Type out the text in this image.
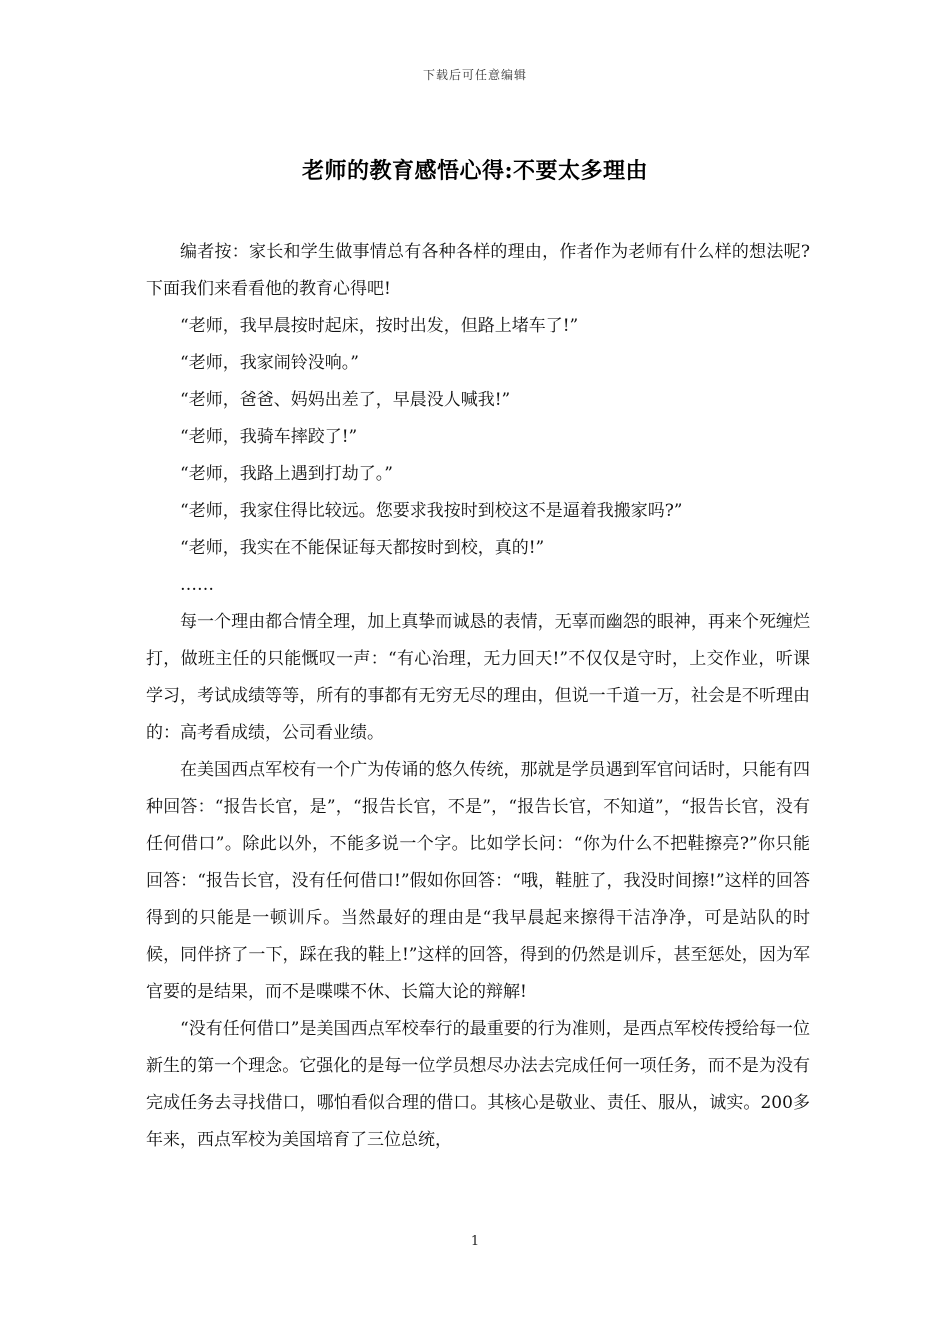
下载后可任意编辑
老师的教育感悟心得:不要太多理由

编者按：家长和学生做事情总有各种各样的理由，作者作为老师有什么样的想法呢?下面我们来看看他的教育心得吧!

“老师，我早晨按时起床，按时出发，但路上堵车了!”

“老师，我家闹铃没响。”

“老师，爸爸、妈妈出差了，早晨没人喊我!”

“老师，我骑车摔跤了!”

“老师，我路上遇到打劫了。”

“老师，我家住得比较远。您要求我按时到校这不是逼着我搬家吗?”

“老师，我实在不能保证每天都按时到校，真的!”

……

每一个理由都合情全理，加上真挚而诚恳的表情，无辜而幽怨的眼神，再来个死缠烂打，做班主任的只能慨叹一声：“有心治理，无力回天!”不仅仅是守时，上交作业，听课学习，考试成绩等等，所有的事都有无穷无尽的理由，但说一千道一万，社会是不听理由的：高考看成绩，公司看业绩。

在美国西点军校有一个广为传诵的悠久传统，那就是学员遇到军官问话时，只能有四种回答：“报告长官，是”，“报告长官，不是”，“报告长官，不知道”，“报告长官，没有任何借口”。除此以外，不能多说一个字。比如学长问：“你为什么不把鞋擦亮?”你只能回答：“报告长官，没有任何借口!”假如你回答：“哦，鞋脏了，我没时间擦!”这样的回答得到的只能是一顿训斥。当然最好的理由是“我早晨起来擦得干洁净净，可是站队的时候，同伴挤了一下，踩在我的鞋上!”这样的回答，得到的仍然是训斥，甚至惩处，因为军官要的是结果，而不是喋喋不休、长篇大论的辩解!

“没有任何借口”是美国西点军校奉行的最重要的行为准则，是西点军校传授给每一位新生的第一个理念。它强化的是每一位学员想尽办法去完成任何一项任务，而不是为没有完成任务去寻找借口，哪怕看似合理的借口。其核心是敬业、责任、服从，诚实。200多年来，西点军校为美国培育了三位总统，

1
